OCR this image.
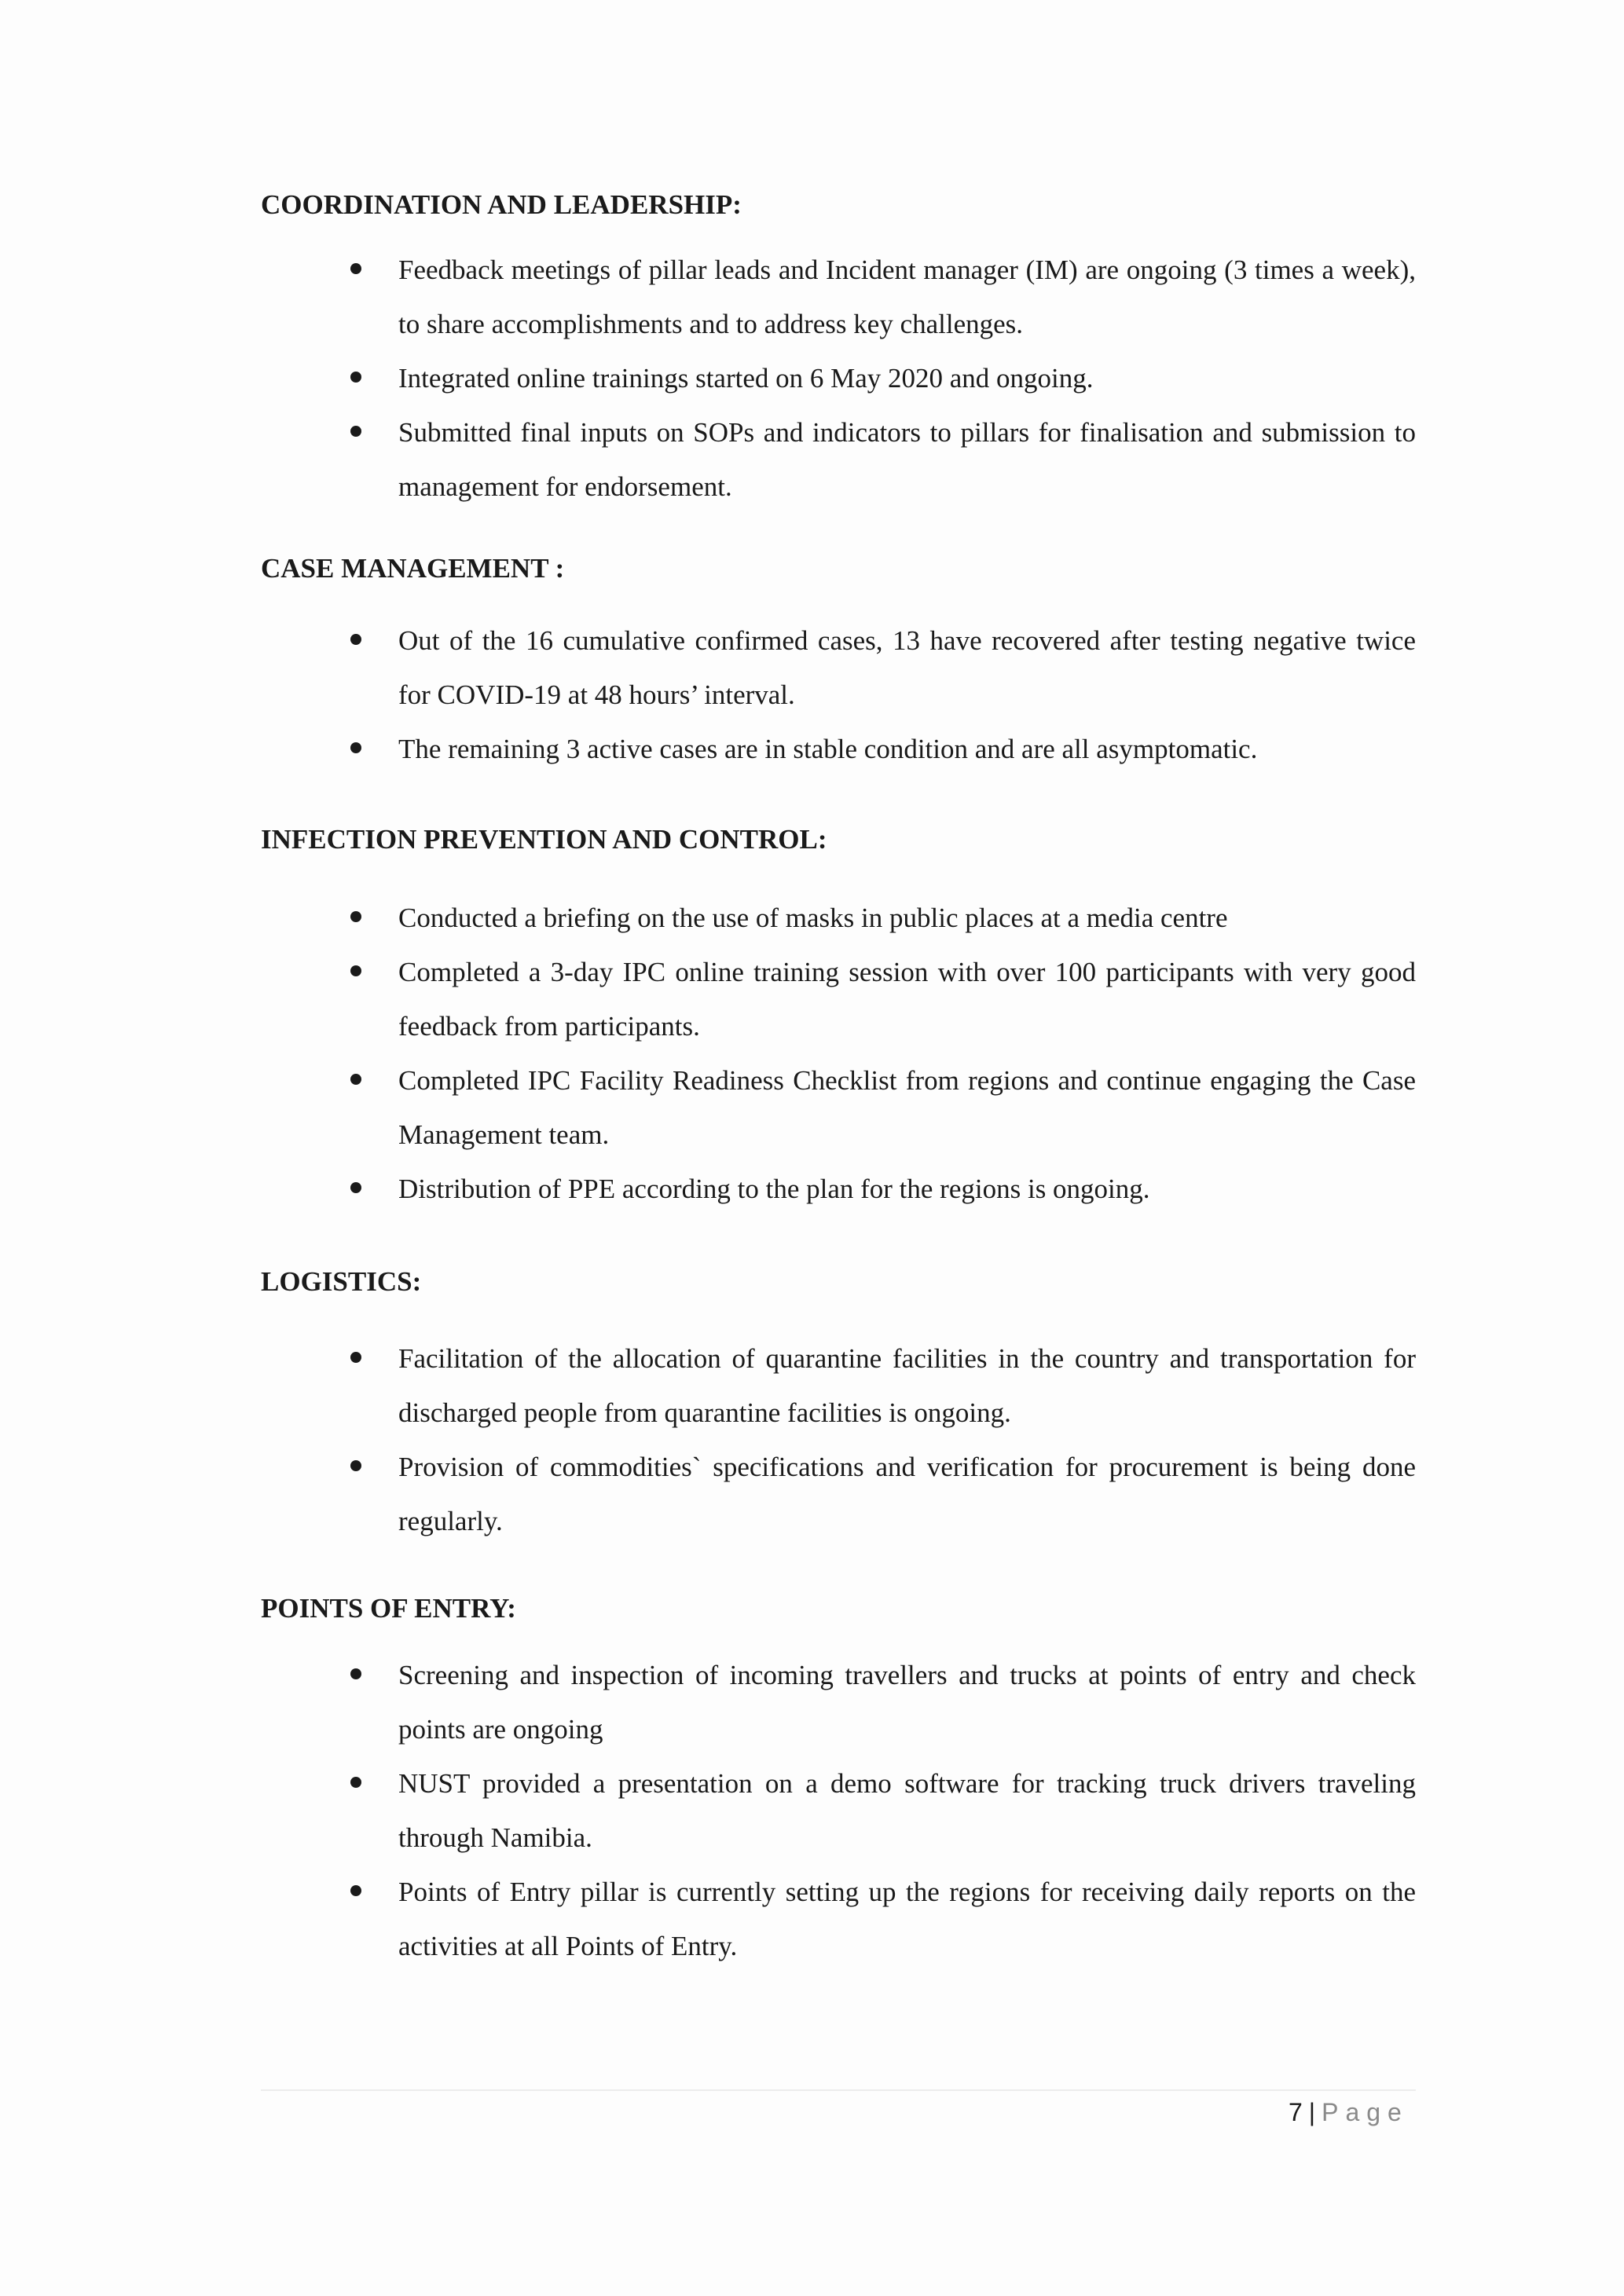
COORDINATION AND LEADERSHIP:
Feedback meetings of pillar leads and Incident manager (IM) are ongoing (3 times a week), to share accomplishments and to address key challenges.
Integrated online trainings started on 6 May 2020 and ongoing.
Submitted final inputs on SOPs and indicators to pillars for finalisation and submission to management for endorsement.
CASE MANAGEMENT :
Out of the 16 cumulative confirmed cases, 13 have recovered after testing negative twice for COVID-19 at 48 hours’ interval.
The remaining 3 active cases are in stable condition and are all asymptomatic.
INFECTION PREVENTION AND CONTROL:
Conducted a briefing on the use of masks in public places at a media centre
Completed a 3-day IPC online training session with over 100 participants with very good feedback from participants.
Completed IPC Facility Readiness Checklist from regions and continue engaging the Case Management team.
Distribution of PPE according to the plan for the regions is ongoing.
LOGISTICS:
Facilitation of the allocation of quarantine facilities in the country and transportation for discharged people from quarantine facilities is ongoing.
Provision of commodities` specifications and verification for procurement is being done regularly.
POINTS OF ENTRY:
Screening and inspection of incoming travellers and trucks at points of entry and check points are ongoing
NUST provided a presentation on a demo software for tracking truck drivers traveling through Namibia.
Points of Entry pillar is currently setting up the regions for receiving daily reports on the activities at all Points of Entry.
7 | Page
